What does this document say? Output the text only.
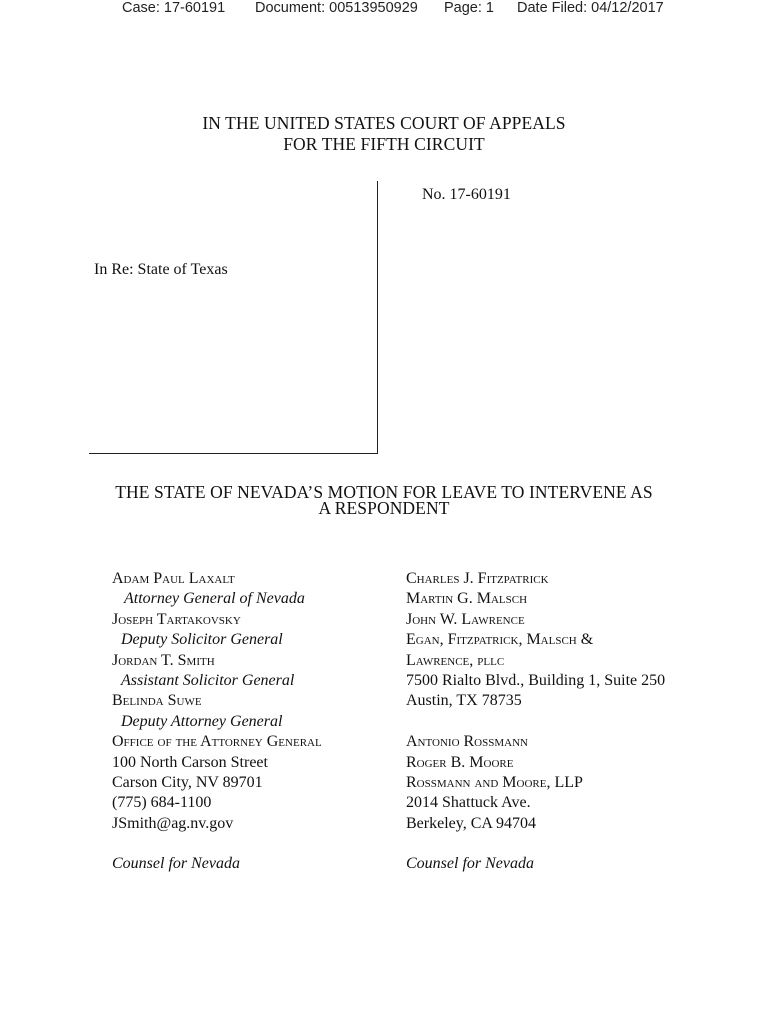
Case: 17-60191 Document: 00513950929 Page: 1 Date Filed: 04/12/2017
IN THE UNITED STATES COURT OF APPEALS
FOR THE FIFTH CIRCUIT
No. 17-60191
In Re: State of Texas
THE STATE OF NEVADA’S MOTION FOR LEAVE TO INTERVENE AS
A RESPONDENT
Adam Paul Laxalt
Attorney General of Nevada
Joseph Tartakovsky
Deputy Solicitor General
Jordan T. Smith
Assistant Solicitor General
Belinda Suwe
Deputy Attorney General
Office of the Attorney General
100 North Carson Street
Carson City, NV 89701
(775) 684-1100
JSmith@ag.nv.gov
Counsel for Nevada
Charles J. Fitzpatrick
Martin G. Malsch
John W. Lawrence
Egan, Fitzpatrick, Malsch &
Lawrence, pllc
7500 Rialto Blvd., Building 1, Suite 250
Austin, TX 78735
Antonio Rossmann
Roger B. Moore
Rossmann and Moore, LLP
2014 Shattuck Ave.
Berkeley, CA 94704
Counsel for Nevada
